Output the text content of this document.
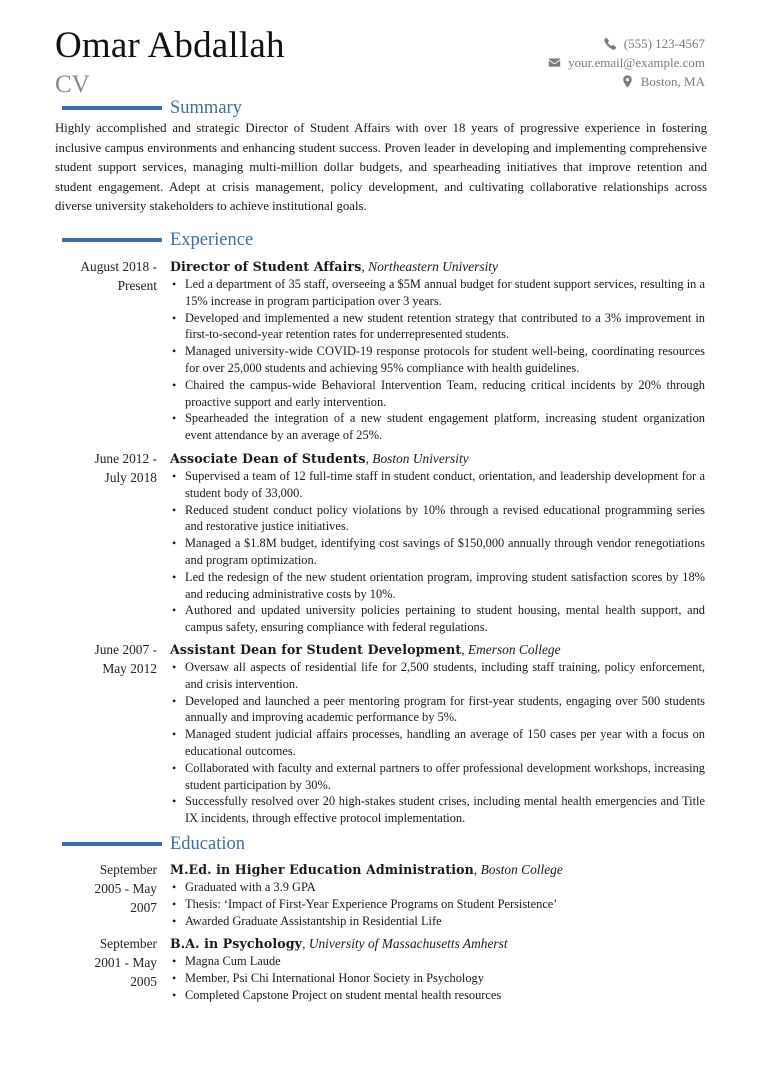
Omar Abdallah
CV
(555) 123-4567
your.email@example.com
Boston, MA
Summary
Highly accomplished and strategic Director of Student Affairs with over 18 years of progressive experience in fostering inclusive campus environments and enhancing student success. Proven leader in developing and implementing comprehensive student support services, managing multi-million dollar budgets, and spearheading initiatives that improve retention and student engagement. Adept at crisis management, policy development, and cultivating collaborative relationships across diverse university stakeholders to achieve institutional goals.
Experience
August 2018 -
Present
Director of Student Affairs, Northeastern University
• Led a department of 35 staff, overseeing a $5M annual budget for student support services, resulting in a 15% increase in program participation over 3 years.
• Developed and implemented a new student retention strategy that contributed to a 3% improvement in first-to-second-year retention rates for underrepresented students.
• Managed university-wide COVID-19 response protocols for student well-being, coordinating resources for over 25,000 students and achieving 95% compliance with health guidelines.
• Chaired the campus-wide Behavioral Intervention Team, reducing critical incidents by 20% through proactive support and early intervention.
• Spearheaded the integration of a new student engagement platform, increasing student organization event attendance by an average of 25%.
June 2012 -
July 2018
Associate Dean of Students, Boston University
• Supervised a team of 12 full-time staff in student conduct, orientation, and leadership development for a student body of 33,000.
• Reduced student conduct policy violations by 10% through a revised educational programming series and restorative justice initiatives.
• Managed a $1.8M budget, identifying cost savings of $150,000 annually through vendor renegotiations and program optimization.
• Led the redesign of the new student orientation program, improving student satisfaction scores by 18% and reducing administrative costs by 10%.
• Authored and updated university policies pertaining to student housing, mental health support, and campus safety, ensuring compliance with federal regulations.
June 2007 -
May 2012
Assistant Dean for Student Development, Emerson College
• Oversaw all aspects of residential life for 2,500 students, including staff training, policy enforcement, and crisis intervention.
• Developed and launched a peer mentoring program for first-year students, engaging over 500 students annually and improving academic performance by 5%.
• Managed student judicial affairs processes, handling an average of 150 cases per year with a focus on educational outcomes.
• Collaborated with faculty and external partners to offer professional development workshops, increasing student participation by 30%.
• Successfully resolved over 20 high-stakes student crises, including mental health emergencies and Title IX incidents, through effective protocol implementation.
Education
September
2005 - May
2007
M.Ed. in Higher Education Administration, Boston College
• Graduated with a 3.9 GPA
• Thesis: ‘Impact of First-Year Experience Programs on Student Persistence’
• Awarded Graduate Assistantship in Residential Life
September
2001 - May
2005
B.A. in Psychology, University of Massachusetts Amherst
• Magna Cum Laude
• Member, Psi Chi International Honor Society in Psychology
• Completed Capstone Project on student mental health resources
